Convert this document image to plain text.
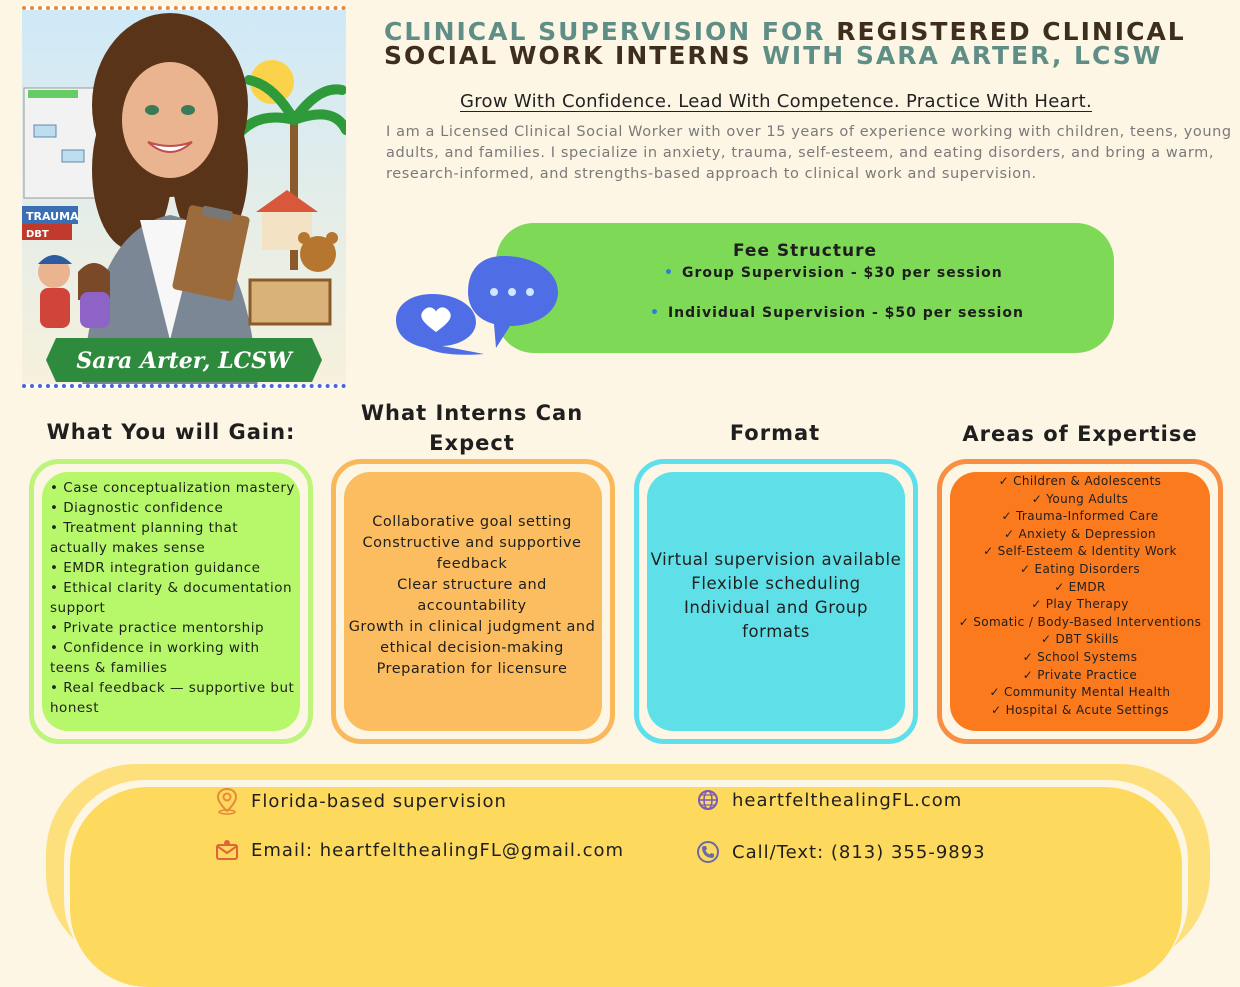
TRAUMA
DBT
Sara Arter, LCSW
CLINICAL SUPERVISION FOR REGISTERED CLINICAL
SOCIAL WORK INTERNS WITH SARA ARTER, LCSW

Grow With Confidence. Lead With Competence. Practice With Heart.

I am a Licensed Clinical Social Worker with over 15 years of experience working with children, teens, young adults, and families. I specialize in anxiety, trauma, self-esteem, and eating disorders, and bring a warm, research-informed, and strengths-based approach to clinical work and supervision.

Fee Structure
• Group Supervision - $30 per session
• Individual Supervision - $50 per session
What You will Gain:
What Interns Can Expect	Format	Areas of Expertise
• Case conceptualization mastery
• Diagnostic confidence
• Treatment planning that actually makes sense
• EMDR integration guidance
• Ethical clarity & documentation support
• Private practice mentorship
• Confidence in working with teens & families
• Real feedback — supportive but honest
Collaborative goal setting
Constructive and supportive feedback
Clear structure and accountability
Growth in clinical judgment and ethical decision-making
Preparation for licensure
Virtual supervision available
Flexible scheduling
Individual and Group formats
✓ Children & Adolescents
✓ Young Adults
✓ Trauma-Informed Care
✓ Anxiety & Depression
✓ Self-Esteem & Identity Work
✓ Eating Disorders
✓ EMDR
✓ Play Therapy
✓ Somatic / Body-Based Interventions
✓ DBT Skills
✓ School Systems
✓ Private Practice
✓ Community Mental Health
✓ Hospital & Acute Settings
Florida-based supervision
Email: heartfelthealingFL@gmail.com
heartfelthealingFL.com
Call/Text: (813) 355-9893
